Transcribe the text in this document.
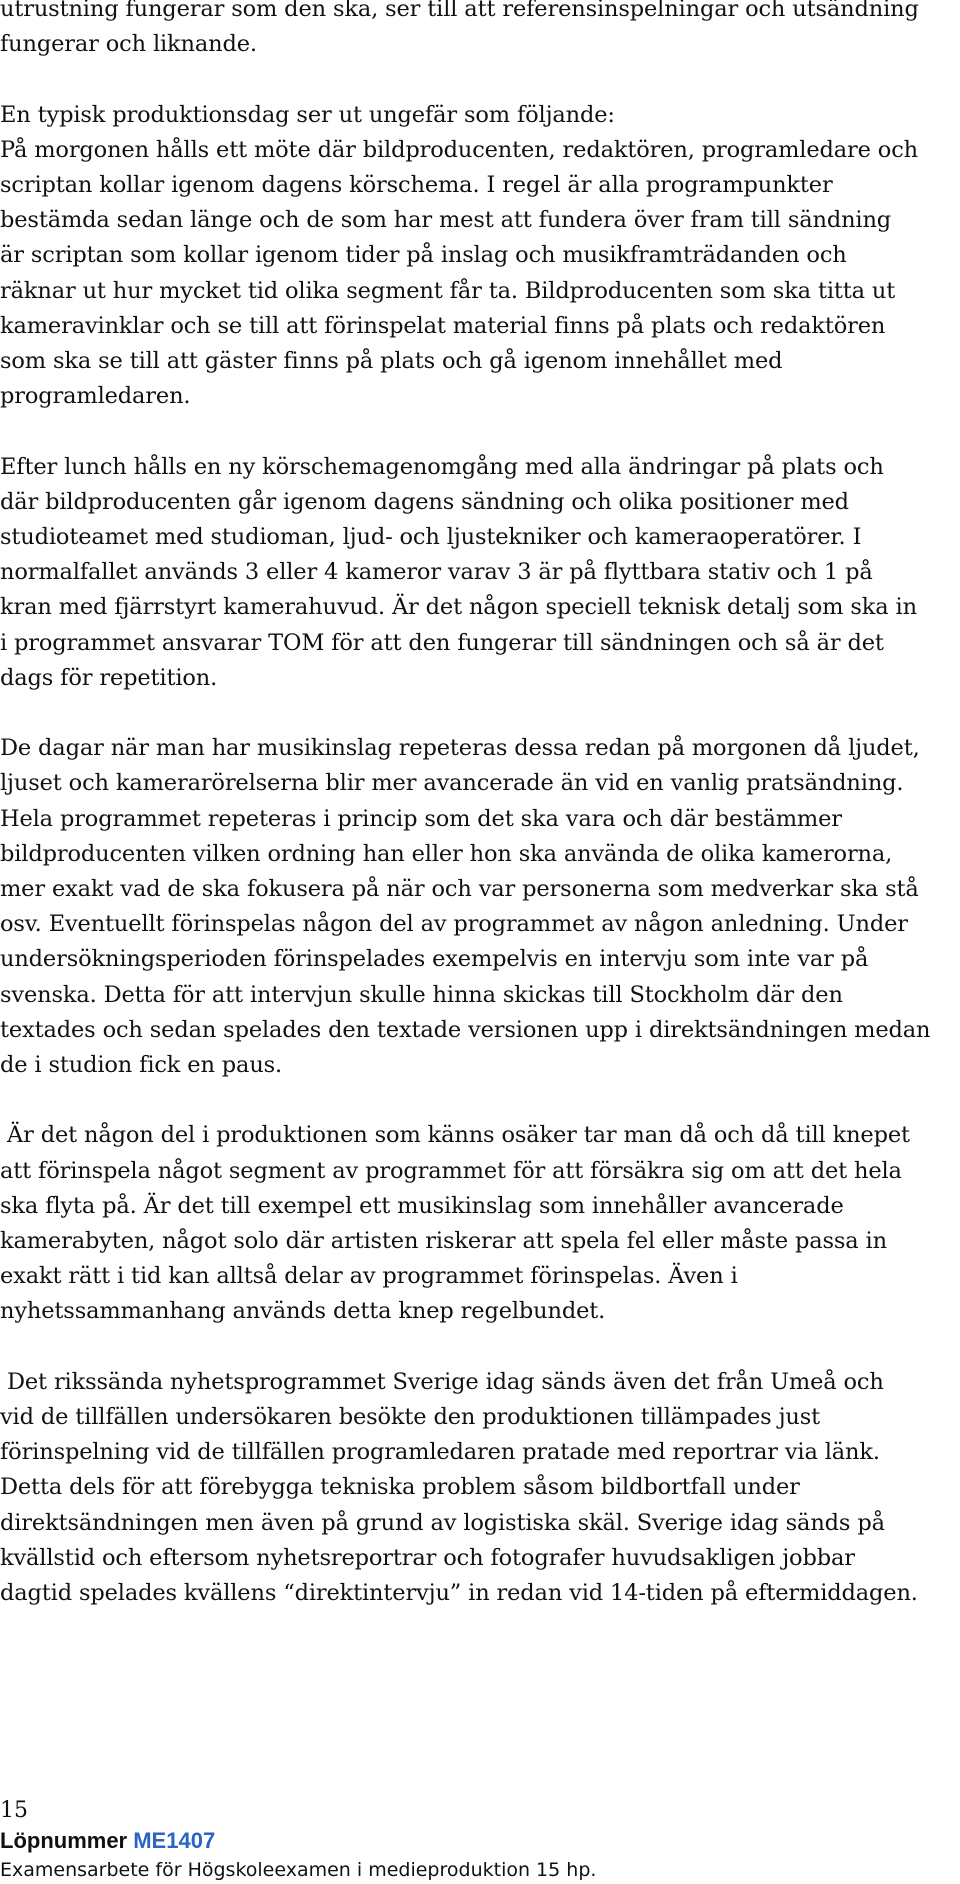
utrustning fungerar som den ska, ser till att referensinspelningar och utsändning
fungerar och liknande.

En typisk produktionsdag ser ut ungefär som följande:
På morgonen hålls ett möte där bildproducenten, redaktören, programledare och
scriptan kollar igenom dagens körschema. I regel är alla programpunkter
bestämda sedan länge och de som har mest att fundera över fram till sändning
är scriptan som kollar igenom tider på inslag och musikframträdanden och
räknar ut hur mycket tid olika segment får ta. Bildproducenten som ska titta ut
kameravinklar och se till att förinspelat material finns på plats och redaktören
som ska se till att gäster finns på plats och gå igenom innehållet med
programledaren.

Efter lunch hålls en ny körschemagenomgång med alla ändringar på plats och
där bildproducenten går igenom dagens sändning och olika positioner med
studioteamet med studioman, ljud- och ljustekniker och kameraoperatörer. I
normalfallet används 3 eller 4 kameror varav 3 är på flyttbara stativ och 1 på
kran med fjärrstyrt kamerahuvud. Är det någon speciell teknisk detalj som ska in
i programmet ansvarar TOM för att den fungerar till sändningen och så är det
dags för repetition.

De dagar när man har musikinslag repeteras dessa redan på morgonen då ljudet,
ljuset och kamerarörelserna blir mer avancerade än vid en vanlig pratsändning.
Hela programmet repeteras i princip som det ska vara och där bestämmer
bildproducenten vilken ordning han eller hon ska använda de olika kamerorna,
mer exakt vad de ska fokusera på när och var personerna som medverkar ska stå
osv. Eventuellt förinspelas någon del av programmet av någon anledning. Under
undersökningsperioden förinspelades exempelvis en intervju som inte var på
svenska. Detta för att intervjun skulle hinna skickas till Stockholm där den
textades och sedan spelades den textade versionen upp i direktsändningen medan
de i studion fick en paus.

Är det någon del i produktionen som känns osäker tar man då och då till knepet
att förinspela något segment av programmet för att försäkra sig om att det hela
ska flyta på. Är det till exempel ett musikinslag som innehåller avancerade
kamerabyten, något solo där artisten riskerar att spela fel eller måste passa in
exakt rätt i tid kan alltså delar av programmet förinspelas. Även i
nyhetssammanhang används detta knep regelbundet.

Det rikssända nyhetsprogrammet Sverige idag sänds även det från Umeå och
vid de tillfällen undersökaren besökte den produktionen tillämpades just
förinspelning vid de tillfällen programledaren pratade med reportrar via länk.
Detta dels för att förebygga tekniska problem såsom bildbortfall under
direktsändningen men även på grund av logistiska skäl. Sverige idag sänds på
kvällstid och eftersom nyhetsreportrar och fotografer huvudsakligen jobbar
dagtid spelades kvällens “direktintervju” in redan vid 14-tiden på eftermiddagen.

15
Löpnummer ME1407
Examensarbete för Högskoleexamen i medieproduktion 15 hp.
